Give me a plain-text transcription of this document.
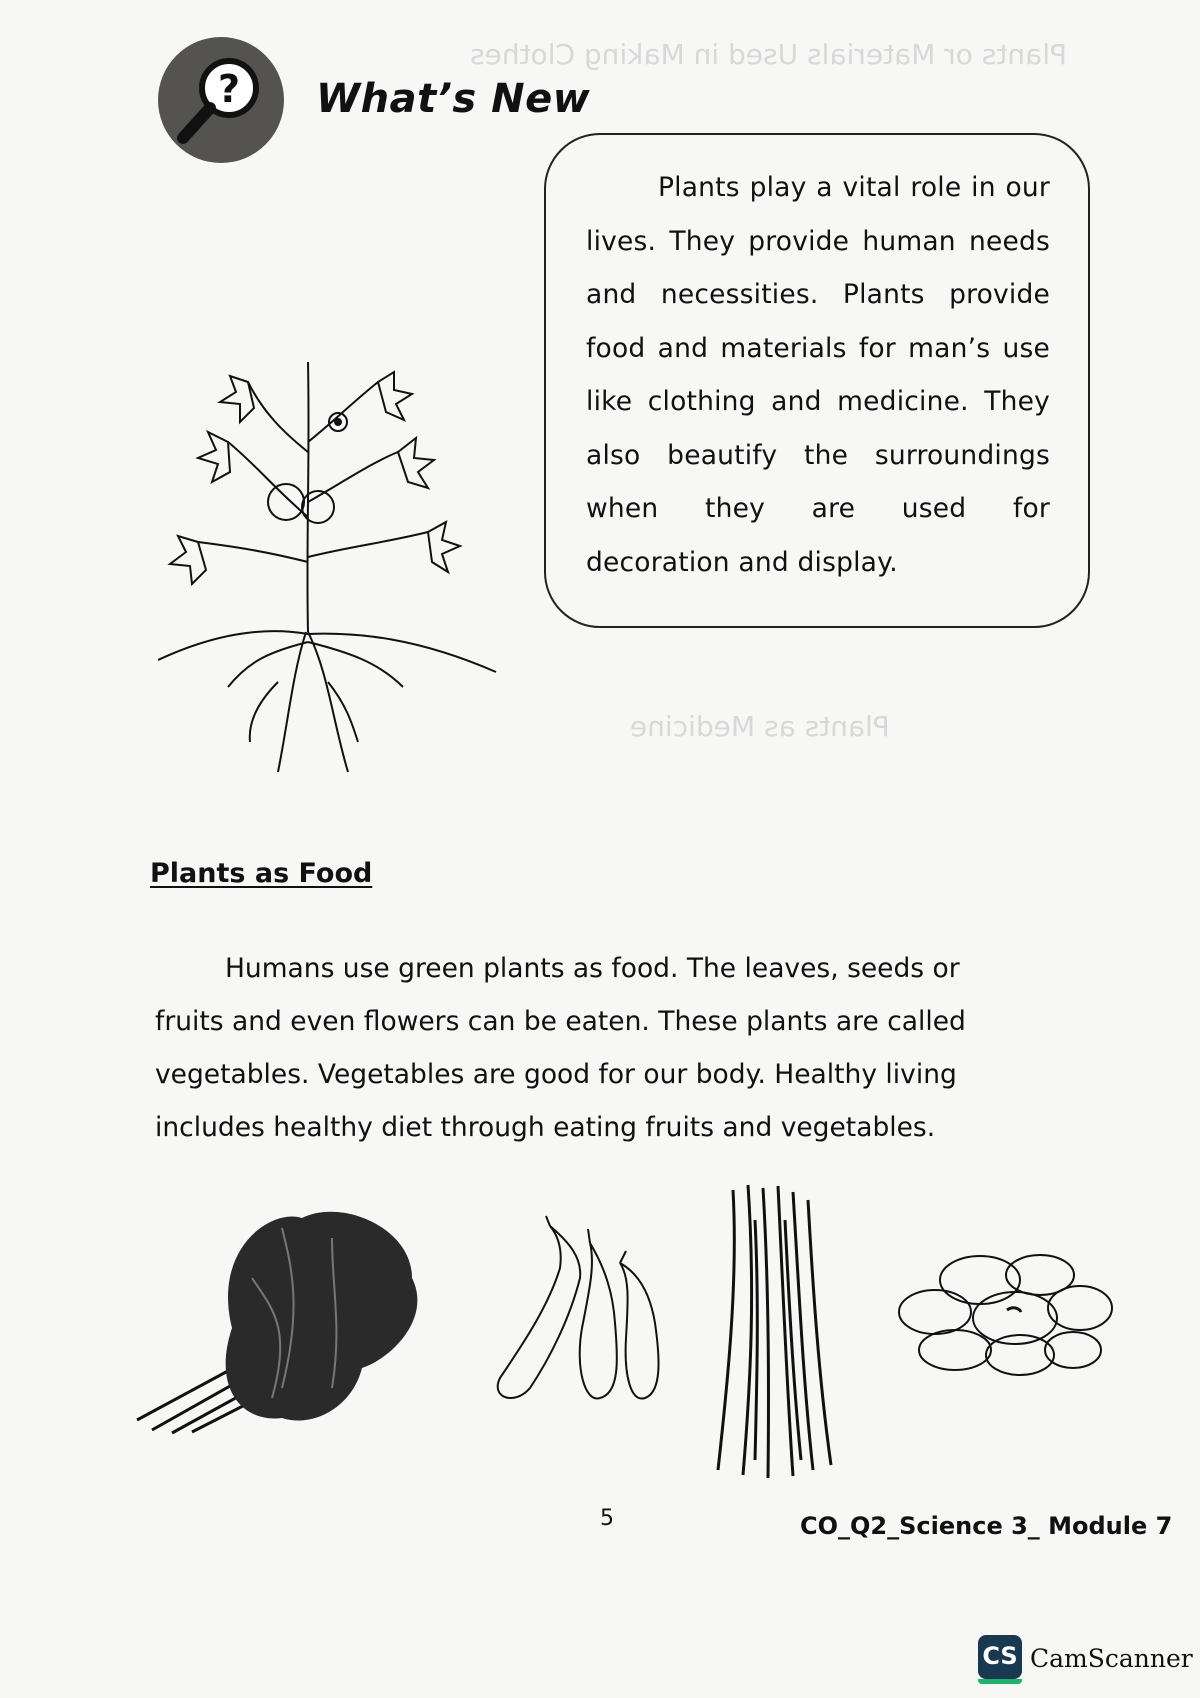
Plants or Materials Used in Making Clothes
Plants as Medicine
? What’s New

Plants play a vital role in our lives. They provide human needs and necessities. Plants provide food and materials for man’s use like clothing and medicine. They also beautify the surroundings when they are used for decoration and display.

Plants as Food

Humans use green plants as food. The leaves, seeds or fruits and even flowers can be eaten. These plants are called vegetables. Vegetables are good for our body. Healthy living includes healthy diet through eating fruits and vegetables.

5	CO_Q2_Science 3_ Module 7
CS CamScanner
